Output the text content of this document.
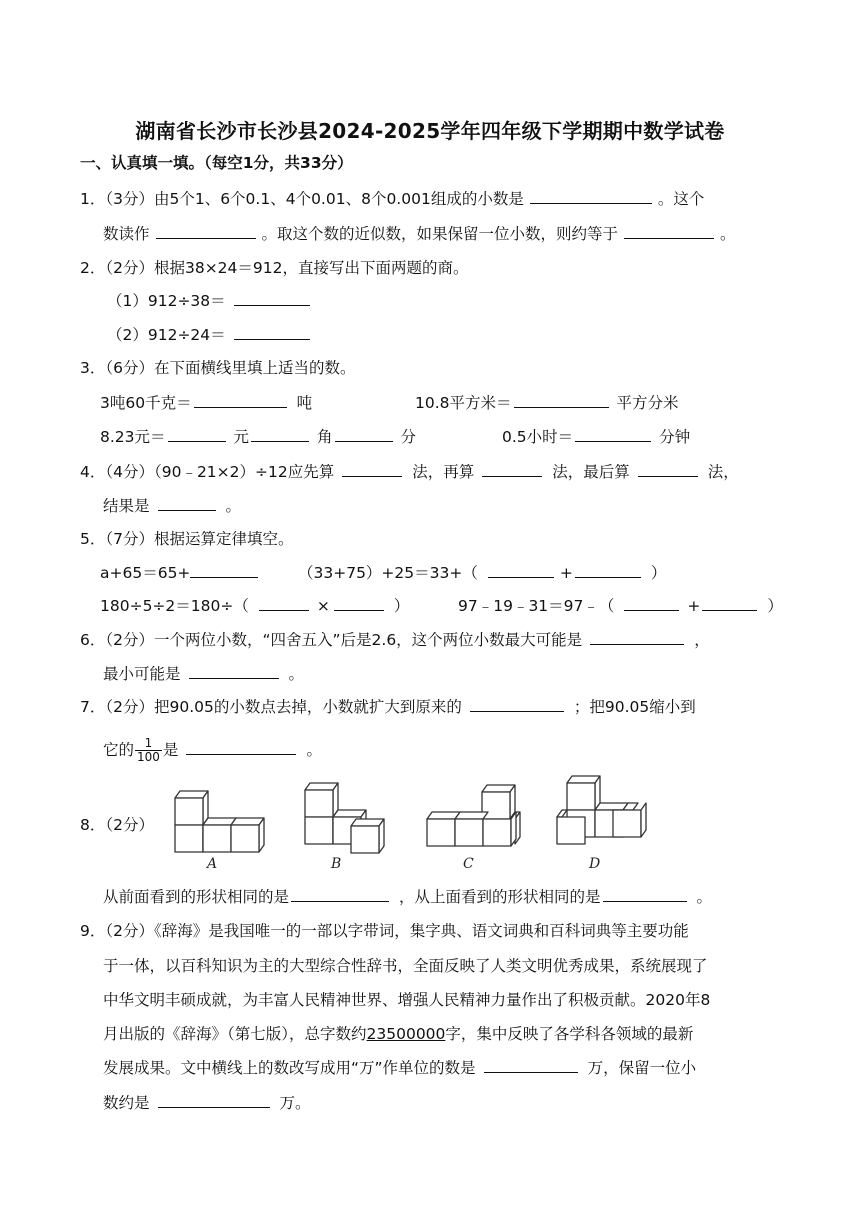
湖南省长沙市长沙县2024-2025学年四年级下学期期中数学试卷
一、认真填一填。（每空1分，共33分）
1．（3分）由5个1、6个0.1、4个0.01、8个0.001组成的小数是	。这个
数读作	。取这个数的近似数，如果保留一位小数，则约等于	。
2．（2分）根据38×24＝912，直接写出下面两题的商。
（1）912÷38＝
（2）912÷24＝
3．（6分）在下面横线里填上适当的数。
3吨60千克＝	吨	10.8平方米＝	平方分米
8.23元＝	元	角	分	0.5小时＝	分钟
4．（4分）（90﹣21×2）÷12应先算	法，再算	法，最后算	法，
结果是	。
5．（7分）根据运算定律填空。
a+65＝65+	（33+75）+25＝33+（	+	）
180÷5÷2＝180÷（	×	）	97﹣19﹣31＝97﹣（	+	）
6．（2分）一个两位小数，“四舍五入”后是2.6，这个两位小数最大可能是	，
最小可能是	。
7．（2分）把90.05的小数点去掉，小数就扩大到原来的	；把90.05缩小到
它的 $\frac{1}{100}$ 是	。
8．（2分）
A	B	C	D
从前面看到的形状相同的是	，从上面看到的形状相同的是	。
9．（2分）《辞海》是我国唯一的一部以字带词，集字典、语文词典和百科词典等主要功能
于一体，以百科知识为主的大型综合性辞书，全面反映了人类文明优秀成果，系统展现了
中华文明丰硕成就，为丰富人民精神世界、增强人民精神力量作出了积极贡献。2020年8
月出版的《辞海》（第七版），总字数约23500000字，集中反映了各学科各领域的最新
发展成果。文中横线上的数改写成用“万”作单位的数是	万，保留一位小
数约是	万。
